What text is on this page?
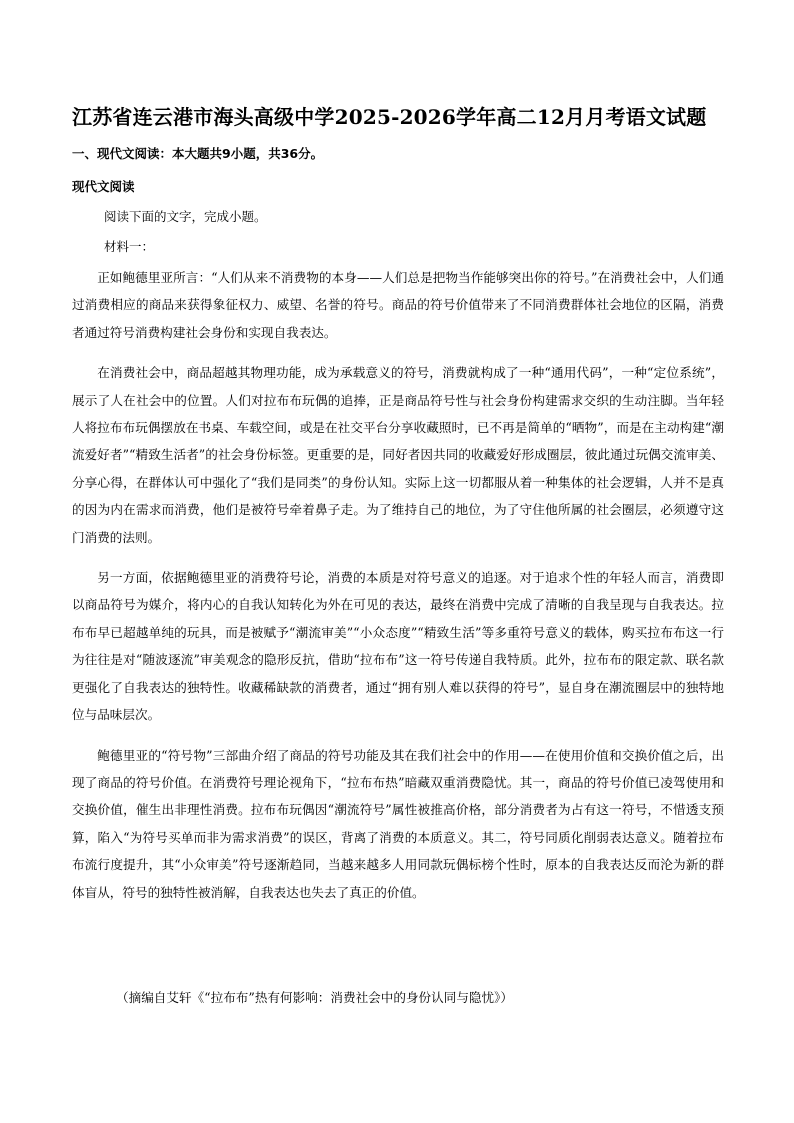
江苏省连云港市海头高级中学2025-2026学年高二12月月考语文试题
一、现代文阅读：本大题共9小题，共36分。
现代文阅读
阅读下面的文字，完成小题。
材料一：

正如鲍德里亚所言：“人们从来不消费物的本身——人们总是把物当作能够突出你的符号。”在消费社会中，人们通过消费相应的商品来获得象征权力、威望、名誉的符号。商品的符号价值带来了不同消费群体社会地位的区隔，消费者通过符号消费构建社会身份和实现自我表达。

在消费社会中，商品超越其物理功能，成为承载意义的符号，消费就构成了一种“通用代码”，一种“定位系统”，展示了人在社会中的位置。人们对拉布布玩偶的追捧，正是商品符号性与社会身份构建需求交织的生动注脚。当年轻人将拉布布玩偶摆放在书桌、车载空间，或是在社交平台分享收藏照时，已不再是简单的“晒物”，而是在主动构建“潮流爱好者”“精致生活者”的社会身份标签。更重要的是，同好者因共同的收藏爱好形成圈层，彼此通过玩偶交流审美、分享心得，在群体认可中强化了“我们是同类”的身份认知。实际上这一切都服从着一种集体的社会逻辑，人并不是真的因为内在需求而消费，他们是被符号牵着鼻子走。为了维持自己的地位，为了守住他所属的社会圈层，必须遵守这门消费的法则。

另一方面，依据鲍德里亚的消费符号论，消费的本质是对符号意义的追逐。对于追求个性的年轻人而言，消费即以商品符号为媒介，将内心的自我认知转化为外在可见的表达，最终在消费中完成了清晰的自我呈现与自我表达。拉布布早已超越单纯的玩具，而是被赋予“潮流审美”“小众态度”“精致生活”等多重符号意义的载体，购买拉布布这一行为往往是对“随波逐流”审美观念的隐形反抗，借助“拉布布”这一符号传递自我特质。此外，拉布布的限定款、联名款更强化了自我表达的独特性。收藏稀缺款的消费者，通过“拥有别人难以获得的符号”，显自身在潮流圈层中的独特地位与品味层次。

鲍德里亚的“符号物”三部曲介绍了商品的符号功能及其在我们社会中的作用——在使用价值和交换价值之后，出现了商品的符号价值。在消费符号理论视角下，“拉布布热”暗藏双重消费隐忧。其一，商品的符号价值已凌驾使用和交换价值，催生出非理性消费。拉布布玩偶因“潮流符号”属性被推高价格，部分消费者为占有这一符号，不惜透支预算，陷入“为符号买单而非为需求消费”的误区，背离了消费的本质意义。其二，符号同质化削弱表达意义。随着拉布布流行度提升，其“小众审美”符号逐渐趋同，当越来越多人用同款玩偶标榜个性时，原本的自我表达反而沦为新的群体盲从，符号的独特性被消解，自我表达也失去了真正的价值。

（摘编自艾轩《“拉布布”热有何影响：消费社会中的身份认同与隐忧》）
